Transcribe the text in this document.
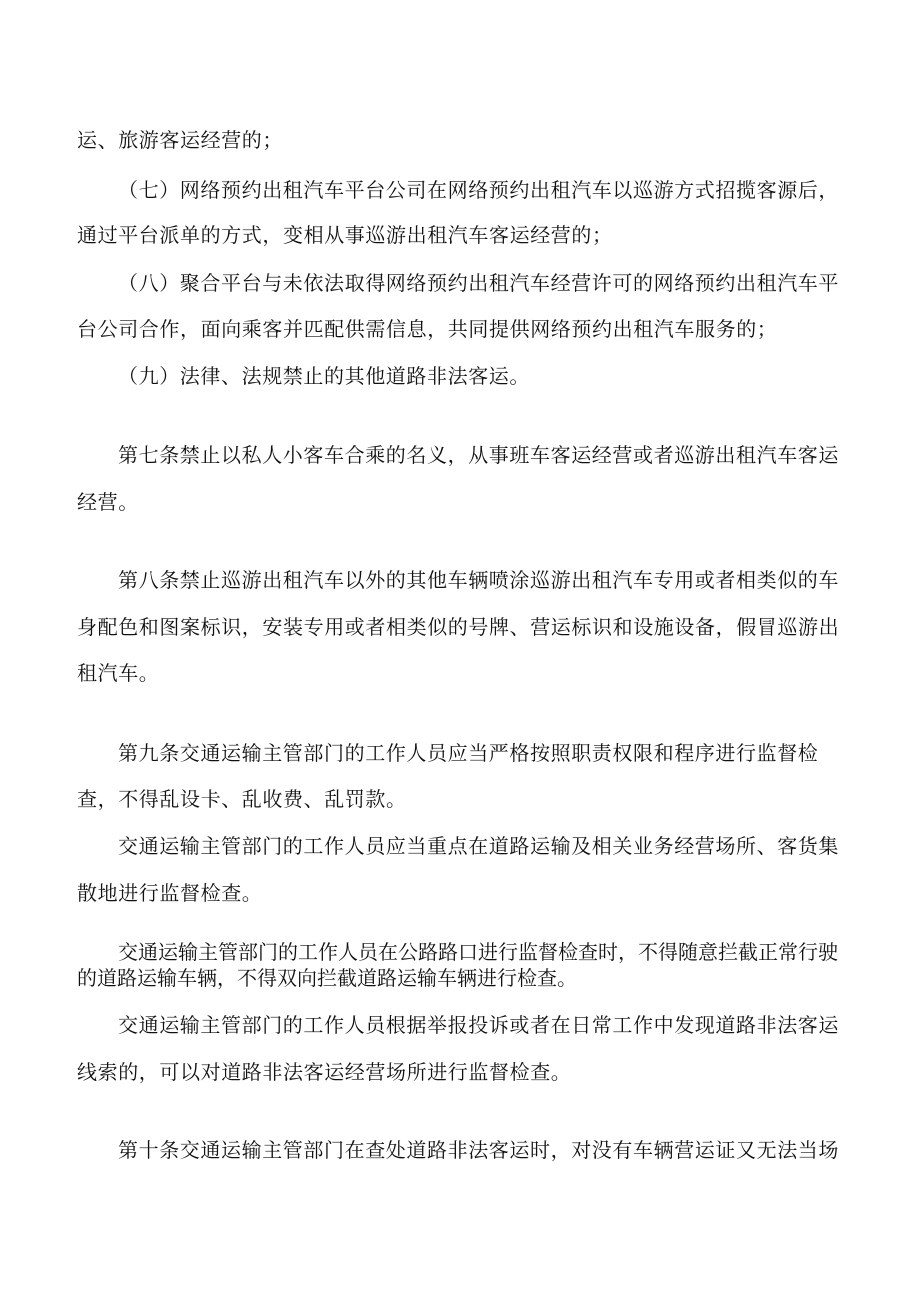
运、旅游客运经营的；
（七）网络预约出租汽车平台公司在网络预约出租汽车以巡游方式招揽客源后，
通过平台派单的方式，变相从事巡游出租汽车客运经营的；
（八）聚合平台与未依法取得网络预约出租汽车经营许可的网络预约出租汽车平
台公司合作，面向乘客并匹配供需信息，共同提供网络预约出租汽车服务的；
（九）法律、法规禁止的其他道路非法客运。
第七条禁止以私人小客车合乘的名义，从事班车客运经营或者巡游出租汽车客运
经营。
第八条禁止巡游出租汽车以外的其他车辆喷涂巡游出租汽车专用或者相类似的车
身配色和图案标识，安装专用或者相类似的号牌、营运标识和设施设备，假冒巡游出
租汽车。
第九条交通运输主管部门的工作人员应当严格按照职责权限和程序进行监督检
查，不得乱设卡、乱收费、乱罚款。
交通运输主管部门的工作人员应当重点在道路运输及相关业务经营场所、客货集
散地进行监督检查。
交通运输主管部门的工作人员在公路路口进行监督检查时，不得随意拦截正常行驶
的道路运输车辆，不得双向拦截道路运输车辆进行检查。
交通运输主管部门的工作人员根据举报投诉或者在日常工作中发现道路非法客运
线索的，可以对道路非法客运经营场所进行监督检查。
第十条交通运输主管部门在查处道路非法客运时，对没有车辆营运证又无法当场
